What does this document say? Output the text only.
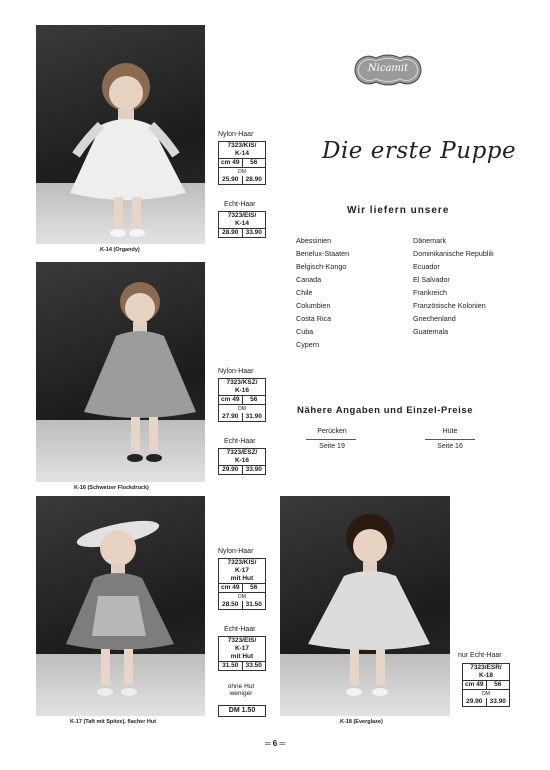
Nicamit
Die erste Puppe
Wir liefern unsere
Abessinien
Benelux-Staaten
Belgisch-Kongo
Canada
Chile
Columbien
Costa Rica
Cuba
Cypern
Dänemark
Dominikanische Republik
Ecuador
El Salvador
Frankreich
Französische Kolonien
Griechenland
Guatemala
Nähere Angaben und Einzel-Preise
Perücken
Seite 19
Hüte
Seite 16
K-14 (Organdy)
Nylon-Haar
7323/KIS/
K-14
cm 49	56
DM
25.90	28.90
Echt-Haar
7323/EIS/
K-14
28.90	33.90
K-16 (Schweizer Flockdruck)
Nylon-Haar
7323/KSZ/
K-16
cm 49	56
DM
27.90	31.90
Echt-Haar
7323/ESZ/
K-16
29.90	33.90
K-17 (Taft mit Spitze), flacher Hut
Nylon-Haar
7323/KIS/
K-17
mit Hut
cm 49	56
DM
28.50	31.50
Echt-Haar
7323/EIS/
K-17
mit Hut
31.50	33.50
ohne Hut
weniger
DM 1.50
K-18 (Everglaze)
nur Echt-Haar
7323/ESR/
K-18
cm 49	56
DM
29.90	33.90
═ 6 ═
